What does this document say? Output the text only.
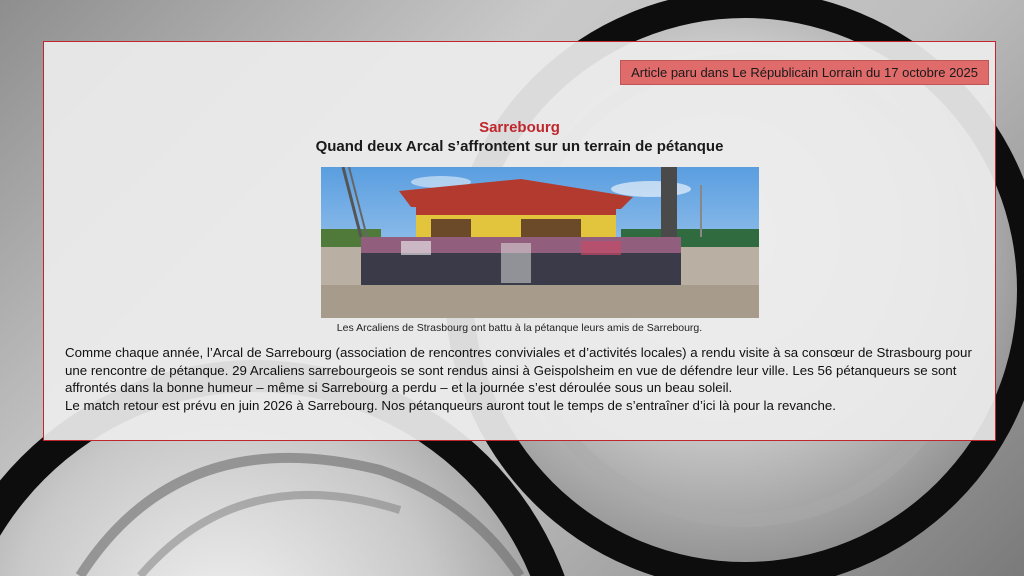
Article paru dans Le Républicain Lorrain du 17 octobre 2025
Sarrebourg
Quand deux Arcal s’affrontent sur un terrain de pétanque
Les Arcaliens de Strasbourg ont battu à la pétanque leurs amis de Sarrebourg.

Comme chaque année, l’Arcal de Sarrebourg (association de rencontres conviviales et d’activités locales) a rendu visite à sa consœur de Strasbourg pour une rencontre de pétanque. 29 Arcaliens sarrebourgeois se sont rendus ainsi à Geispolsheim en vue de défendre leur ville. Les 56 pétanqueurs se sont affrontés dans la bonne humeur – même si Sarrebourg a perdu – et la journée s’est déroulée sous un beau soleil.

Le match retour est prévu en juin 2026 à Sarrebourg. Nos pétanqueurs auront tout le temps de s’entraîner d’ici là pour la revanche.
